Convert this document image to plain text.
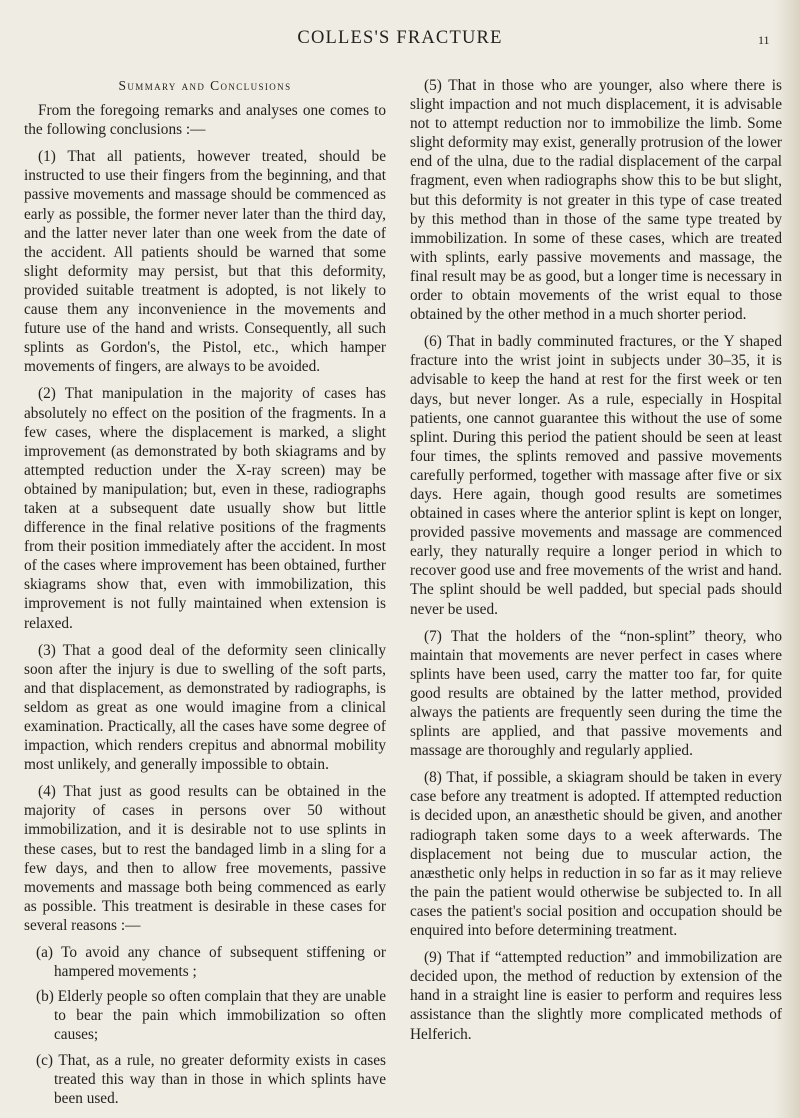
COLLES'S FRACTURE	11
Summary and Conclusions

From the foregoing remarks and analyses one comes to the following conclusions :—

(1) That all patients, however treated, should be instructed to use their fingers from the beginning, and that passive movements and massage should be commenced as early as possible, the former never later than the third day, and the latter never later than one week from the date of the accident. All patients should be warned that some slight deformity may persist, but that this deformity, provided suitable treatment is adopted, is not likely to cause them any inconvenience in the movements and future use of the hand and wrists. Consequently, all such splints as Gordon's, the Pistol, etc., which hamper movements of fingers, are always to be avoided.

(2) That manipulation in the majority of cases has absolutely no effect on the position of the fragments. In a few cases, where the displacement is marked, a slight improvement (as demonstrated by both skiagrams and by attempted reduction under the X-ray screen) may be obtained by manipulation; but, even in these, radiographs taken at a subsequent date usually show but little difference in the final relative positions of the fragments from their position immediately after the accident. In most of the cases where improvement has been obtained, further skiagrams show that, even with immobilization, this improvement is not fully maintained when extension is relaxed.

(3) That a good deal of the deformity seen clinically soon after the injury is due to swelling of the soft parts, and that displacement, as demonstrated by radiographs, is seldom as great as one would imagine from a clinical examination. Practically, all the cases have some degree of impaction, which renders crepitus and abnormal mobility most unlikely, and generally impossible to obtain.

(4) That just as good results can be obtained in the majority of cases in persons over 50 without immobilization, and it is desirable not to use splints in these cases, but to rest the bandaged limb in a sling for a few days, and then to allow free movements, passive movements and massage both being commenced as early as possible. This treatment is desirable in these cases for several reasons :—

(a) To avoid any chance of subsequent stiffening or hampered movements ;

(b) Elderly people so often complain that they are unable to bear the pain which immobilization so often causes;

(c) That, as a rule, no greater deformity exists in cases treated this way than in those in which splints have been used.

(5) That in those who are younger, also where there is slight impaction and not much displacement, it is advisable not to attempt reduction nor to immobilize the limb. Some slight deformity may exist, generally protrusion of the lower end of the ulna, due to the radial displacement of the carpal fragment, even when radiographs show this to be but slight, but this deformity is not greater in this type of case treated by this method than in those of the same type treated by immobilization. In some of these cases, which are treated with splints, early passive movements and massage, the final result may be as good, but a longer time is necessary in order to obtain movements of the wrist equal to those obtained by the other method in a much shorter period.

(6) That in badly comminuted fractures, or the Y shaped fracture into the wrist joint in subjects under 30–35, it is advisable to keep the hand at rest for the first week or ten days, but never longer. As a rule, especially in Hospital patients, one cannot guarantee this without the use of some splint. During this period the patient should be seen at least four times, the splints removed and passive movements carefully performed, together with massage after five or six days. Here again, though good results are sometimes obtained in cases where the anterior splint is kept on longer, provided passive movements and massage are commenced early, they naturally require a longer period in which to recover good use and free movements of the wrist and hand. The splint should be well padded, but special pads should never be used.

(7) That the holders of the “non-splint” theory, who maintain that movements are never perfect in cases where splints have been used, carry the matter too far, for quite good results are obtained by the latter method, provided always the patients are frequently seen during the time the splints are applied, and that passive movements and massage are thoroughly and regularly applied.

(8) That, if possible, a skiagram should be taken in every case before any treatment is adopted. If attempted reduction is decided upon, an anæsthetic should be given, and another radiograph taken some days to a week afterwards. The displacement not being due to muscular action, the anæsthetic only helps in reduction in so far as it may relieve the pain the patient would otherwise be subjected to. In all cases the patient's social position and occupation should be enquired into before determining treatment.

(9) That if “attempted reduction” and immobilization are decided upon, the method of reduction by extension of the hand in a straight line is easier to perform and requires less assistance than the slightly more complicated methods of Helferich.
